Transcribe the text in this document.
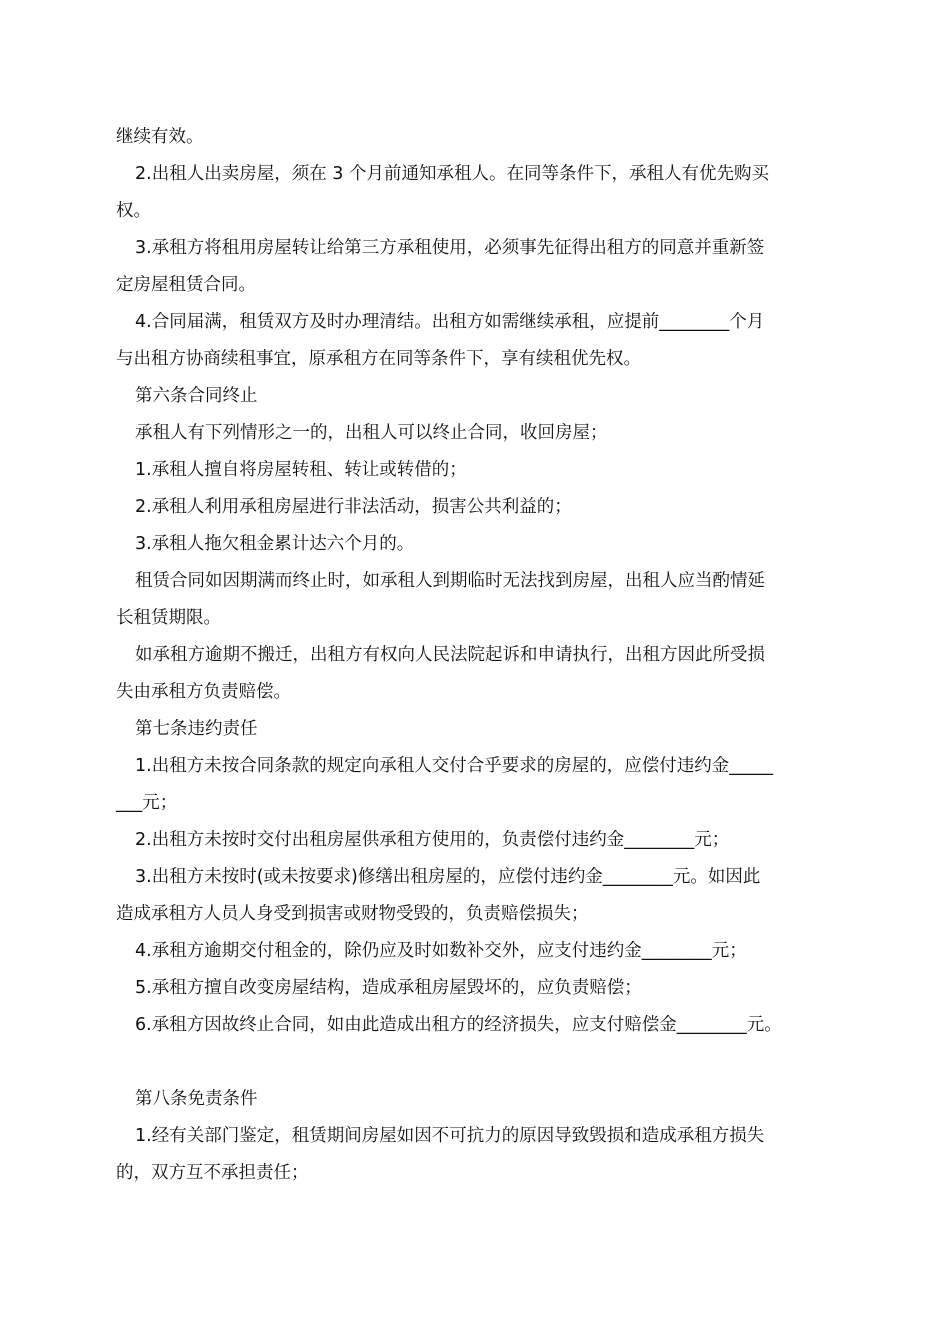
继续有效。
2.出租人出卖房屋，须在 3 个月前通知承租人。在同等条件下，承租人有优先购买
权。
3.承租方将租用房屋转让给第三方承租使用，必须事先征得出租方的同意并重新签
定房屋租赁合同。
4.合同届满，租赁双方及时办理清结。出租方如需继续承租，应提前________个月
与出租方协商续租事宜，原承租方在同等条件下，享有续租优先权。
第六条合同终止
承租人有下列情形之一的，出租人可以终止合同，收回房屋；
1.承租人擅自将房屋转租、转让或转借的；
2.承租人利用承租房屋进行非法活动，损害公共利益的；
3.承租人拖欠租金累计达六个月的。
租赁合同如因期满而终止时，如承租人到期临时无法找到房屋，出租人应当酌情延
长租赁期限。
如承租方逾期不搬迁，出租方有权向人民法院起诉和申请执行，出租方因此所受损
失由承租方负责赔偿。
第七条违约责任
1.出租方未按合同条款的规定向承租人交付合乎要求的房屋的，应偿付违约金_____
___元；
2.出租方未按时交付出租房屋供承租方使用的，负责偿付违约金________元；
3.出租方未按时(或未按要求)修缮出租房屋的，应偿付违约金________元。如因此
造成承租方人员人身受到损害或财物受毁的，负责赔偿损失；
4.承租方逾期交付租金的，除仍应及时如数补交外，应支付违约金________元；
5.承租方擅自改变房屋结构，造成承租房屋毁坏的，应负责赔偿；
6.承租方因故终止合同，如由此造成出租方的经济损失，应支付赔偿金________元。
第八条免责条件
1.经有关部门鉴定，租赁期间房屋如因不可抗力的原因导致毁损和造成承租方损失
的，双方互不承担责任；
